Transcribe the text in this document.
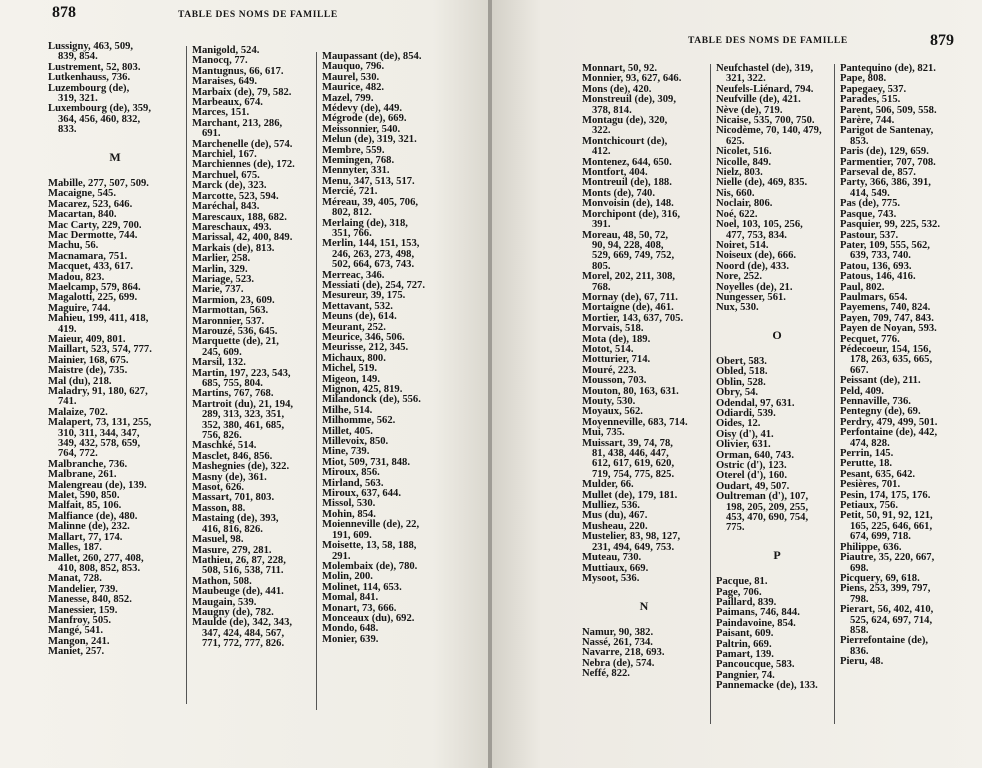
878	TABLE DES NOMS DE FAMILLE
Lussigny, 463, 509,
839, 854.
Lustrement, 52, 803.
Lutkenhauss, 736.
Luzembourg (de),
319, 321.
Luxembourg (de), 359,
364, 456, 460, 832,
833.

M

Mabille, 277, 507, 509.
Macaigne, 545.
Macarez, 523, 646.
Macartan, 840.
Mac Carty, 229, 700.
Mac Dermotte, 744.
Machu, 56.
Macnamara, 751.
Macquet, 433, 617.
Madou, 823.
Maelcamp, 579, 864.
Magalotti, 225, 699.
Maguire, 744.
Mahieu, 199, 411, 418,
419.
Maieur, 409, 801.
Maillart, 523, 574, 777.
Mainier, 168, 675.
Maistre (de), 735.
Mal (du), 218.
Maladry, 91, 180, 627,
741.
Malaize, 702.
Malapert, 73, 131, 255,
310, 311, 344, 347,
349, 432, 578, 659,
764, 772.
Malbranche, 736.
Malbrane, 261.
Malengreau (de), 139.
Malet, 590, 850.
Malfait, 85, 106.
Malfiance (de), 480.
Malinne (de), 232.
Mallart, 77, 174.
Malles, 187.
Mallet, 260, 277, 408,
410, 808, 852, 853.
Manat, 728.
Mandelier, 739.
Manesse, 840, 852.
Manessier, 159.
Manfroy, 505.
Mangé, 541.
Mangon, 241.
Maniet, 257.
Manigold, 524.
Manocq, 77.
Mantugnus, 66, 617.
Maraises, 649.
Marbaix (de), 79, 582.
Marbeaux, 674.
Marces, 151.
Marchant, 213, 286,
691.
Marchenelle (de), 574.
Marchiel, 167.
Marchiennes (de), 172.
Marchuel, 675.
Marck (de), 323.
Marcotte, 523, 594.
Maréchal, 843.
Marescaux, 188, 682.
Mareschaux, 493.
Marissal, 42, 400, 849.
Markais (de), 813.
Marlier, 258.
Marlin, 329.
Mariage, 523.
Marie, 737.
Marmion, 23, 609.
Marmottan, 563.
Maronnier, 537.
Marouzé, 536, 645.
Marquette (de), 21,
245, 609.
Marsil, 132.
Martin, 197, 223, 543,
685, 755, 804.
Martins, 767, 768.
Martroit (du), 21, 194,
289, 313, 323, 351,
352, 380, 461, 685,
756, 826.
Maschké, 514.
Masclet, 846, 856.
Mashegnies (de), 322.
Masny (de), 361.
Masot, 626.
Massart, 701, 803.
Masson, 88.
Mastaing (de), 393,
416, 816, 826.
Masuel, 98.
Masure, 279, 281.
Mathieu, 26, 87, 228,
508, 516, 538, 711.
Mathon, 508.
Maubeuge (de), 441.
Maugain, 539.
Maugny (de), 782.
Maulde (de), 342, 343,
347, 424, 484, 567,
771, 772, 777, 826.
Maupassant (de), 854.
Mauquo, 796.
Maurel, 530.
Maurice, 482.
Mazel, 799.
Médevy (de), 449.
Mégrode (de), 669.
Meissonnier, 540.
Melun (de), 319, 321.
Membre, 559.
Memingen, 768.
Mennyter, 331.
Menu, 347, 513, 517.
Mercié, 721.
Méreau, 39, 405, 706,
802, 812.
Merlaing (de), 318,
351, 766.
Merlin, 144, 151, 153,
246, 263, 273, 498,
502, 664, 673, 743.
Merreac, 346.
Messiati (de), 254, 727.
Mesureur, 39, 175.
Mettavant, 532.
Meuns (de), 614.
Meurant, 252.
Meurice, 346, 506.
Meurisse, 212, 345.
Michaux, 800.
Michel, 519.
Migeon, 149.
Mignon, 425, 819.
Milandonck (de), 556.
Milhe, 514.
Milhomme, 562.
Millet, 405.
Millevoix, 850.
Mine, 739.
Miot, 509, 731, 848.
Miroux, 856.
Mirland, 563.
Miroux, 637, 644.
Missol, 530.
Mohin, 854.
Moienneville (de), 22,
191, 609.
Moisette, 13, 58, 188,
291.
Molembaix (de), 780.
Molin, 200.
Molinet, 114, 653.
Momal, 841.
Monart, 73, 666.
Monceaux (du), 692.
Mondo, 648.
Monier, 639.
TABLE DES NOMS DE FAMILLE	879
Monnart, 50, 92.
Monnier, 93, 627, 646.
Mons (de), 420.
Monstreuil (de), 309,
378, 814.
Montagu (de), 320,
322.
Montchicourt (de),
412.
Montenez, 644, 650.
Montfort, 404.
Montreuil (de), 188.
Monts (de), 740.
Monvoisin (de), 148.
Morchipont (de), 316,
391.
Moreau, 48, 50, 72,
90, 94, 228, 408,
529, 669, 749, 752,
805.
Morel, 202, 211, 308,
768.
Mornay (de), 67, 711.
Mortaigne (de), 461.
Mortier, 143, 637, 705.
Morvais, 518.
Mota (de), 189.
Motot, 514.
Motturier, 714.
Mouré, 223.
Mousson, 703.
Mouton, 80, 163, 631.
Mouty, 530.
Moyaux, 562.
Moyenneville, 683, 714.
Mui, 735.
Muissart, 39, 74, 78,
81, 438, 446, 447,
612, 617, 619, 620,
719, 754, 775, 825.
Mulder, 66.
Mullet (de), 179, 181.
Mulliez, 536.
Mus (du), 467.
Musheau, 220.
Mustelier, 83, 98, 127,
231, 494, 649, 753.
Muteau, 730.
Muttiaux, 669.
Mysoot, 536.

N

Namur, 90, 382.
Nassé, 261, 734.
Navarre, 218, 693.
Nebra (de), 574.
Neffé, 822.
Neufchastel (de), 319,
321, 322.
Neufels-Liénard, 794.
Neufville (de), 421.
Nève (de), 719.
Nicaise, 535, 700, 750.
Nicodème, 70, 140, 479,
625.
Nicolet, 516.
Nicolle, 849.
Nielz, 803.
Nielle (de), 469, 835.
Nis, 660.
Noclair, 806.
Noé, 622.
Noel, 103, 105, 256,
477, 753, 834.
Noiret, 514.
Noiseux (de), 666.
Noord (de), 433.
Nore, 252.
Noyelles (de), 21.
Nungesser, 561.
Nux, 530.

O

Obert, 583.
Obled, 518.
Oblin, 528.
Obry, 54.
Odendal, 97, 631.
Odiardi, 539.
Oides, 12.
Oisy (d'), 41.
Olivier, 631.
Orman, 640, 743.
Ostric (d'), 123.
Oterel (d'), 160.
Oudart, 49, 507.
Oultreman (d'), 107,
198, 205, 209, 255,
453, 470, 690, 754,
775.

P

Pacque, 81.
Page, 706.
Paillard, 839.
Paimans, 746, 844.
Paindavoine, 854.
Paisant, 609.
Paltrin, 669.
Pamart, 139.
Pancoucque, 583.
Pangnier, 74.
Pannemacke (de), 133.
Pantequino (de), 821.
Pape, 808.
Papegaey, 537.
Parades, 515.
Parent, 506, 509, 558.
Parère, 744.
Parigot de Santenay,
853.
Paris (de), 129, 659.
Parmentier, 707, 708.
Parseval de, 857.
Party, 366, 386, 391,
414, 549.
Pas (de), 775.
Pasque, 743.
Pasquier, 99, 225, 532.
Pastour, 537.
Pater, 109, 555, 562,
639, 733, 740.
Patou, 136, 693.
Patous, 146, 416.
Paul, 802.
Paulmars, 654.
Payemens, 740, 824.
Payen, 709, 747, 843.
Payen de Noyan, 593.
Pecquet, 776.
Pédecoeur, 154, 156,
178, 263, 635, 665,
667.
Peissant (de), 211.
Peld, 409.
Pennaville, 736.
Pentegny (de), 69.
Perdry, 479, 499, 501.
Perfontaine (de), 442,
474, 828.
Perrin, 145.
Perutte, 18.
Pesant, 635, 642.
Pesières, 701.
Pesin, 174, 175, 176.
Petiaux, 756.
Petit, 50, 91, 92, 121,
165, 225, 646, 661,
674, 699, 718.
Philippe, 636.
Piautre, 35, 220, 667,
698.
Picquery, 69, 618.
Piens, 253, 399, 797,
798.
Pierart, 56, 402, 410,
525, 624, 697, 714,
858.
Pierrefontaine (de),
836.
Pieru, 48.
